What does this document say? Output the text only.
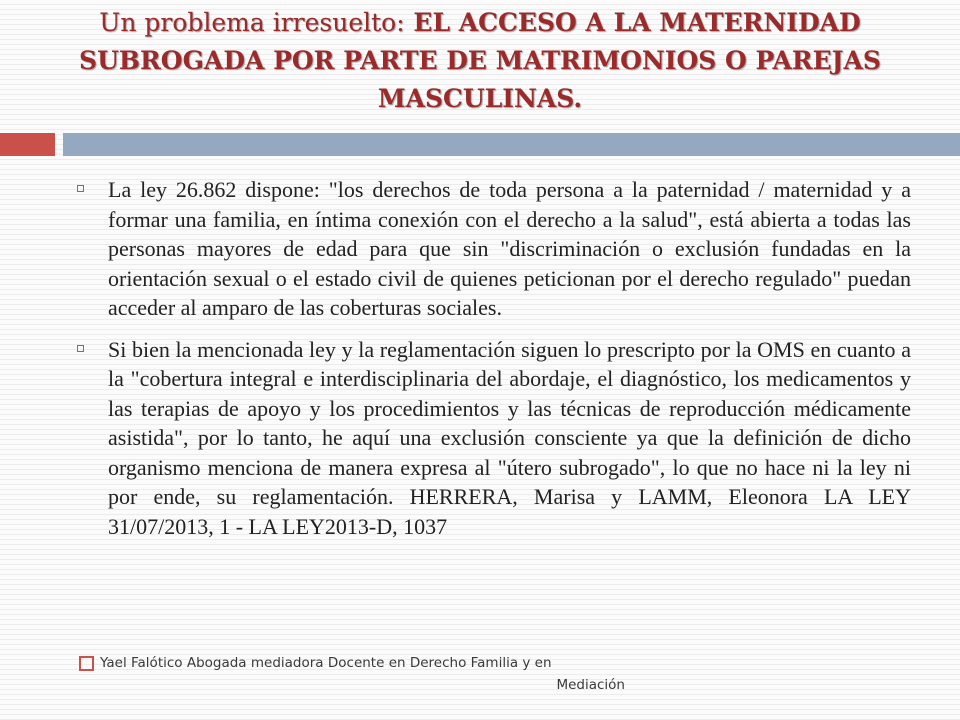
Un problema irresuelto: EL ACCESO A LA MATERNIDAD SUBROGADA POR PARTE DE MATRIMONIOS O PAREJAS MASCULINAS.
La ley 26.862 dispone: "los derechos de toda persona a la paternidad / maternidad y a formar una familia, en íntima conexión con el derecho a la salud", está abierta a todas las personas mayores de edad para que sin "discriminación o exclusión fundadas en la orientación sexual o el estado civil de quienes peticionan por el derecho regulado" puedan acceder al amparo de las coberturas sociales.
Si bien la mencionada ley y la reglamentación siguen lo prescripto por la OMS en cuanto a la "cobertura integral e interdisciplinaria del abordaje, el diagnóstico, los medicamentos y las terapias de apoyo y los procedimientos y las técnicas de reproducción médicamente asistida", por lo tanto, he aquí una exclusión consciente ya que la definición de dicho organismo menciona de manera expresa al "útero subrogado", lo que no hace ni la ley ni por ende, su reglamentación. HERRERA, Marisa y LAMM, Eleonora LA LEY 31/07/2013, 1 - LA LEY2013-D, 1037
Yael Falótico Abogada mediadora Docente en Derecho Familia y en
Mediación
